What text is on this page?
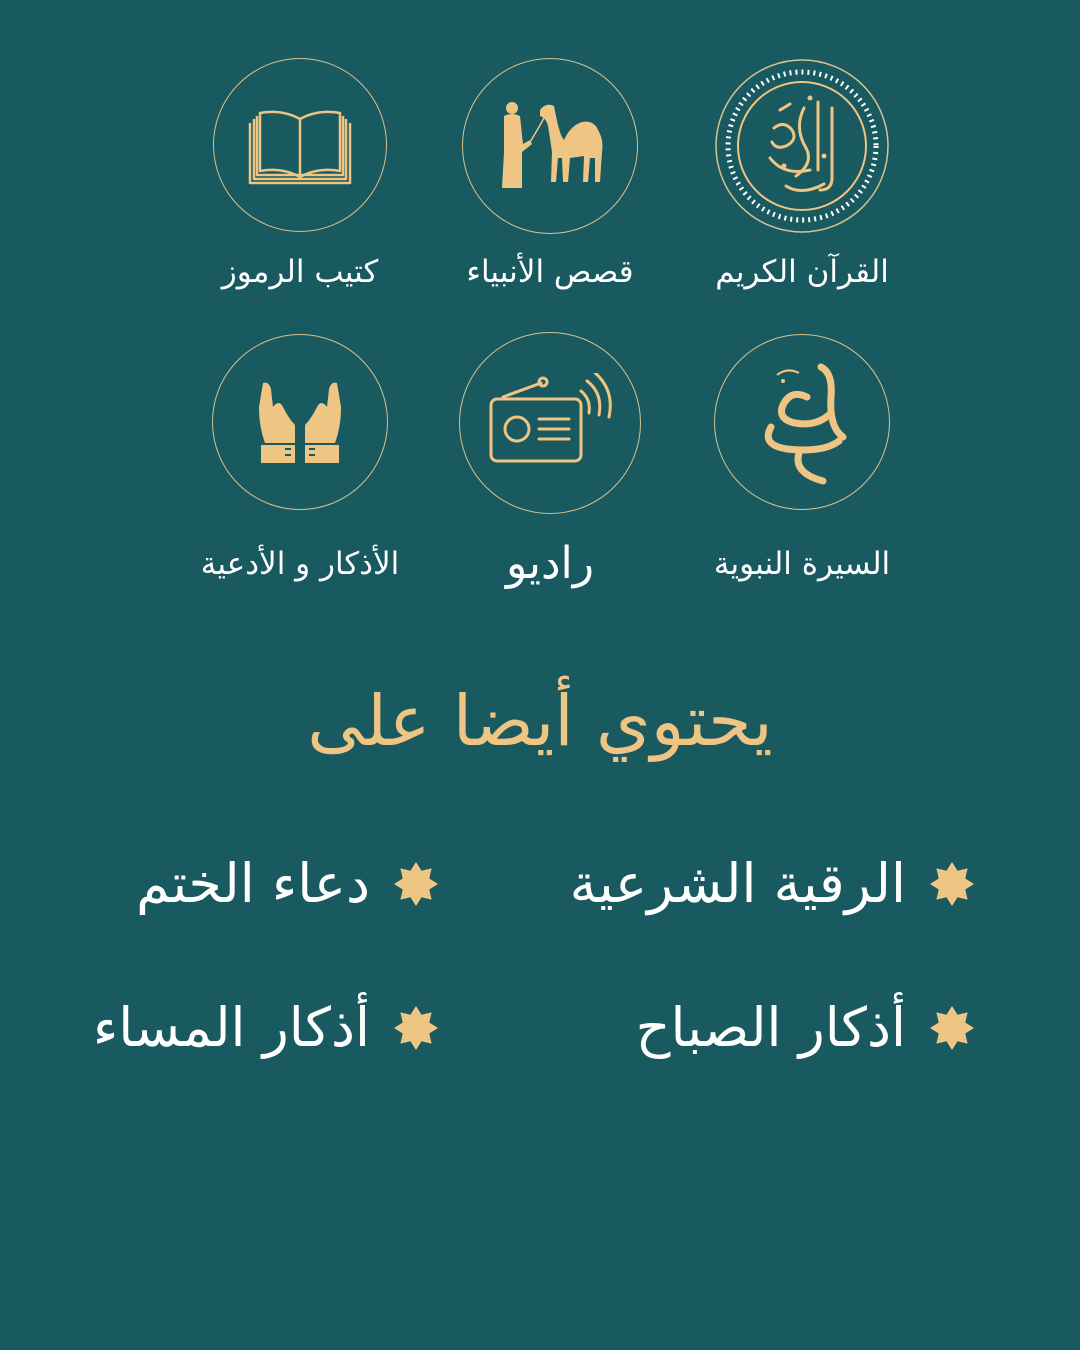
القرآن الكريم
قصص الأنبياء
كتيب الرموز
السيرة النبوية
راديو
الأذكار و الأدعية
يحتوي أيضا على
الرقية الشرعية
دعاء الختم
أذكار الصباح
أذكار المساء
